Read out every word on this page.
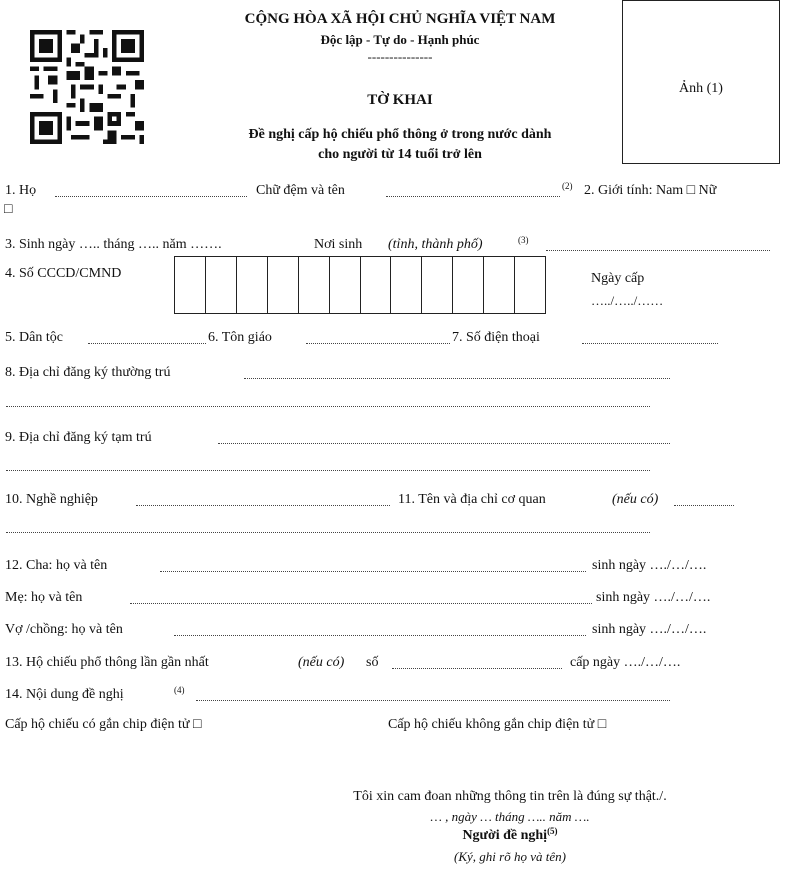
CỘNG HÒA XÃ HỘI CHỦ NGHĨA VIỆT NAM
Độc lập - Tự do - Hạnh phúc
---------------
TỜ KHAI
Đề nghị cấp hộ chiếu phổ thông ở trong nước dành
cho người từ 14 tuổi trở lên
Ảnh (1)
1. Họ	Chữ đệm và tên	$^{(2)}$ 2. Giới tính: Nam □ Nữ
□
3. Sinh ngày ….. tháng ….. năm …….	Nơi sinh (tỉnh, thành phố)	$^{(3)}$
4. Số CCCD/CMND	Ngày cấp
…../…../……
5. Dân tộc	6. Tôn giáo	7. Số điện thoại
8. Địa chỉ đăng ký thường trú
9. Địa chỉ đăng ký tạm trú
10. Nghề nghiệp	11. Tên và địa chỉ cơ quan	(nếu có)
12. Cha: họ và tên	sinh ngày …./…/….
Mẹ: họ và tên	sinh ngày …./…/….
Vợ /chồng: họ và tên	sinh ngày …./…/….
13. Hộ chiếu phổ thông lần gần nhất	(nếu có) số	cấp ngày …./…/….
14. Nội dung đề nghị	$^{(4)}$
Cấp hộ chiếu có gắn chip điện tử □	Cấp hộ chiếu không gắn chip điện tử □
Tôi xin cam đoan những thông tin trên là đúng sự thật./.
… , ngày … tháng ….. năm ….
Người đề nghị$^{(5)}$
(Ký, ghi rõ họ và tên)
